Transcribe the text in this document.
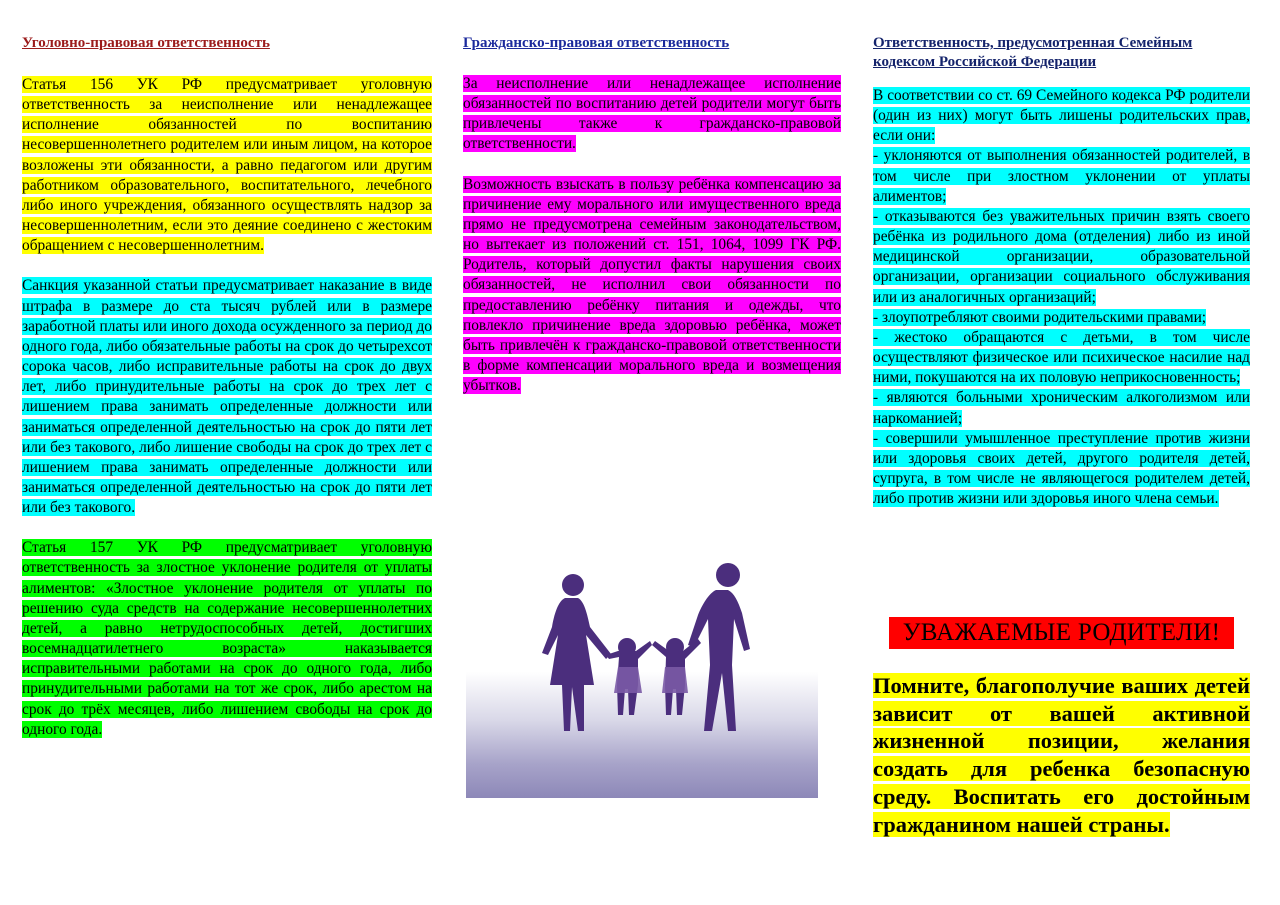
Уголовно-правовая ответственность

Статья 156 УК РФ предусматривает уголовную ответственность за неисполнение или ненадлежащее исполнение обязанностей по воспитанию несовершеннолетнего родителем или иным лицом, на которое возложены эти обязанности, а равно педагогом или другим работником образовательного, воспитательного, лечебного либо иного учреждения, обязанного осуществлять надзор за несовершеннолетним, если это деяние соединено с жестоким обращением с несовершеннолетним.

Санкция указанной статьи предусматривает наказание в виде штрафа в размере до ста тысяч рублей или в размере заработной платы или иного дохода осужденного за период до одного года, либо обязательные работы на срок до четырехсот сорока часов, либо исправительные работы на срок до двух лет, либо принудительные работы на срок до трех лет с лишением права занимать определенные должности или заниматься определенной деятельностью на срок до пяти лет или без такового, либо лишение свободы на срок до трех лет с лишением права занимать определенные должности или заниматься определенной деятельностью на срок до пяти лет или без такового.

Статья 157 УК РФ предусматривает уголовную ответственность за злостное уклонение родителя от уплаты алиментов: «Злостное уклонение родителя от уплаты по решению суда средств на содержание несовершеннолетних детей, а равно нетрудоспособных детей, достигших восемнадцатилетнего возраста» наказывается исправительными работами на срок до одного года, либо принудительными работами на тот же срок, либо арестом на срок до трёх месяцев, либо лишением свободы на срок до одного года.

Гражданско-правовая ответственность

За неисполнение или ненадлежащее исполнение обязанностей по воспитанию детей родители могут быть привлечены также к гражданско-правовой ответственности.

Возможность взыскать в пользу ребёнка компенсацию за причинение ему морального или имущественного вреда прямо не предусмотрена семейным законодательством, но вытекает из положений ст. 151, 1064, 1099 ГК РФ. Родитель, который допустил факты нарушения своих обязанностей, не исполнил свои обязанности по предоставлению ребёнку питания и одежды, что повлекло причинение вреда здоровью ребёнка, может быть привлечён к гражданско-правовой ответственности в форме компенсации морального вреда и возмещения убытков.

Ответственность, предусмотренная Семейным кодексом Российской Федерации

В соответствии со ст. 69 Семейного кодекса РФ родители (один из них) могут быть лишены родительских прав, если они:

- уклоняются от выполнения обязанностей родителей, в том числе при злостном уклонении от уплаты алиментов;

- отказываются без уважительных причин взять своего ребёнка из родильного дома (отделения) либо из иной медицинской организации, образовательной организации, организации социального обслуживания или из аналогичных организаций;

- злоупотребляют своими родительскими правами;

- жестоко обращаются с детьми, в том числе осуществляют физическое или психическое насилие над ними, покушаются на их половую неприкосновенность;

- являются больными хроническим алкоголизмом или наркоманией;

- совершили умышленное преступление против жизни или здоровья своих детей, другого родителя детей, супруга, в том числе не являющегося родителем детей, либо против жизни или здоровья иного члена семьи.

УВАЖАЕМЫЕ РОДИТЕЛИ!
Помните, благополучие ваших детей зависит от вашей активной жизненной позиции, желания создать для ребенка безопасную среду. Воспитать его достойным гражданином нашей страны.
